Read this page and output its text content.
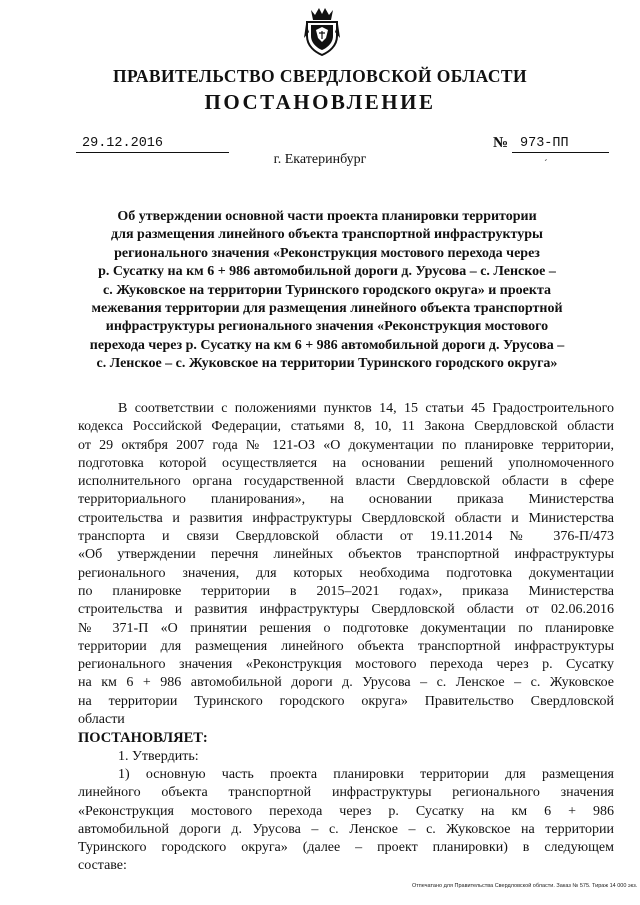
ПРАВИТЕЛЬСТВО СВЕРДЛОВСКОЙ ОБЛАСТИ
ПОСТАНОВЛЕНИЕ
29.12.2016	№ 973-ПП
г. Екатеринбург	´
Об утверждении основной части проекта планировки территории
для размещения линейного объекта транспортной инфраструктуры
регионального значения «Реконструкция мостового перехода через
р. Сусатку на км 6 + 986 автомобильной дороги д. Урусова – с. Ленское –
с. Жуковское на территории Туринского городского округа» и проекта
межевания территории для размещения линейного объекта транспортной
инфраструктуры регионального значения «Реконструкция мостового
перехода через р. Сусатку на км 6 + 986 автомобильной дороги д. Урусова –
с. Ленское – с. Жуковское на территории Туринского городского округа»
В соответствии с положениями пунктов 14, 15 статьи 45 Градостроительного
кодекса Российской Федерации, статьями 8, 10, 11 Закона Свердловской области
от 29 октября 2007 года № 121-ОЗ «О документации по планировке территории,
подготовка которой осуществляется на основании решений уполномоченного
исполнительного органа государственной власти Свердловской области в сфере
территориального планирования», на основании приказа Министерства
строительства и развития инфраструктуры Свердловской области и Министерства
транспорта и связи Свердловской области от 19.11.2014 № 376-П/473
«Об утверждении перечня линейных объектов транспортной инфраструктуры
регионального значения, для которых необходима подготовка документации
по планировке территории в 2015–2021 годах», приказа Министерства
строительства и развития инфраструктуры Свердловской области от 02.06.2016
№ 371-П «О принятии решения о подготовке документации по планировке
территории для размещения линейного объекта транспортной инфраструктуры
регионального значения «Реконструкция мостового перехода через р. Сусатку
на км 6 + 986 автомобильной дороги д. Урусова – с. Ленское – с. Жуковское
на территории Туринского городского округа» Правительство Свердловской
области
ПОСТАНОВЛЯЕТ:
1. Утвердить:
1) основную часть проекта планировки территории для размещения
линейного объекта транспортной инфраструктуры регионального значения
«Реконструкция мостового перехода через р. Сусатку на км 6 + 986
автомобильной дороги д. Урусова – с. Ленское – с. Жуковское на территории
Туринского городского округа» (далее – проект планировки) в следующем
составе:
Отпечатано для Правительства Свердловской области. Заказ № 575. Тираж 14 000 экз.
